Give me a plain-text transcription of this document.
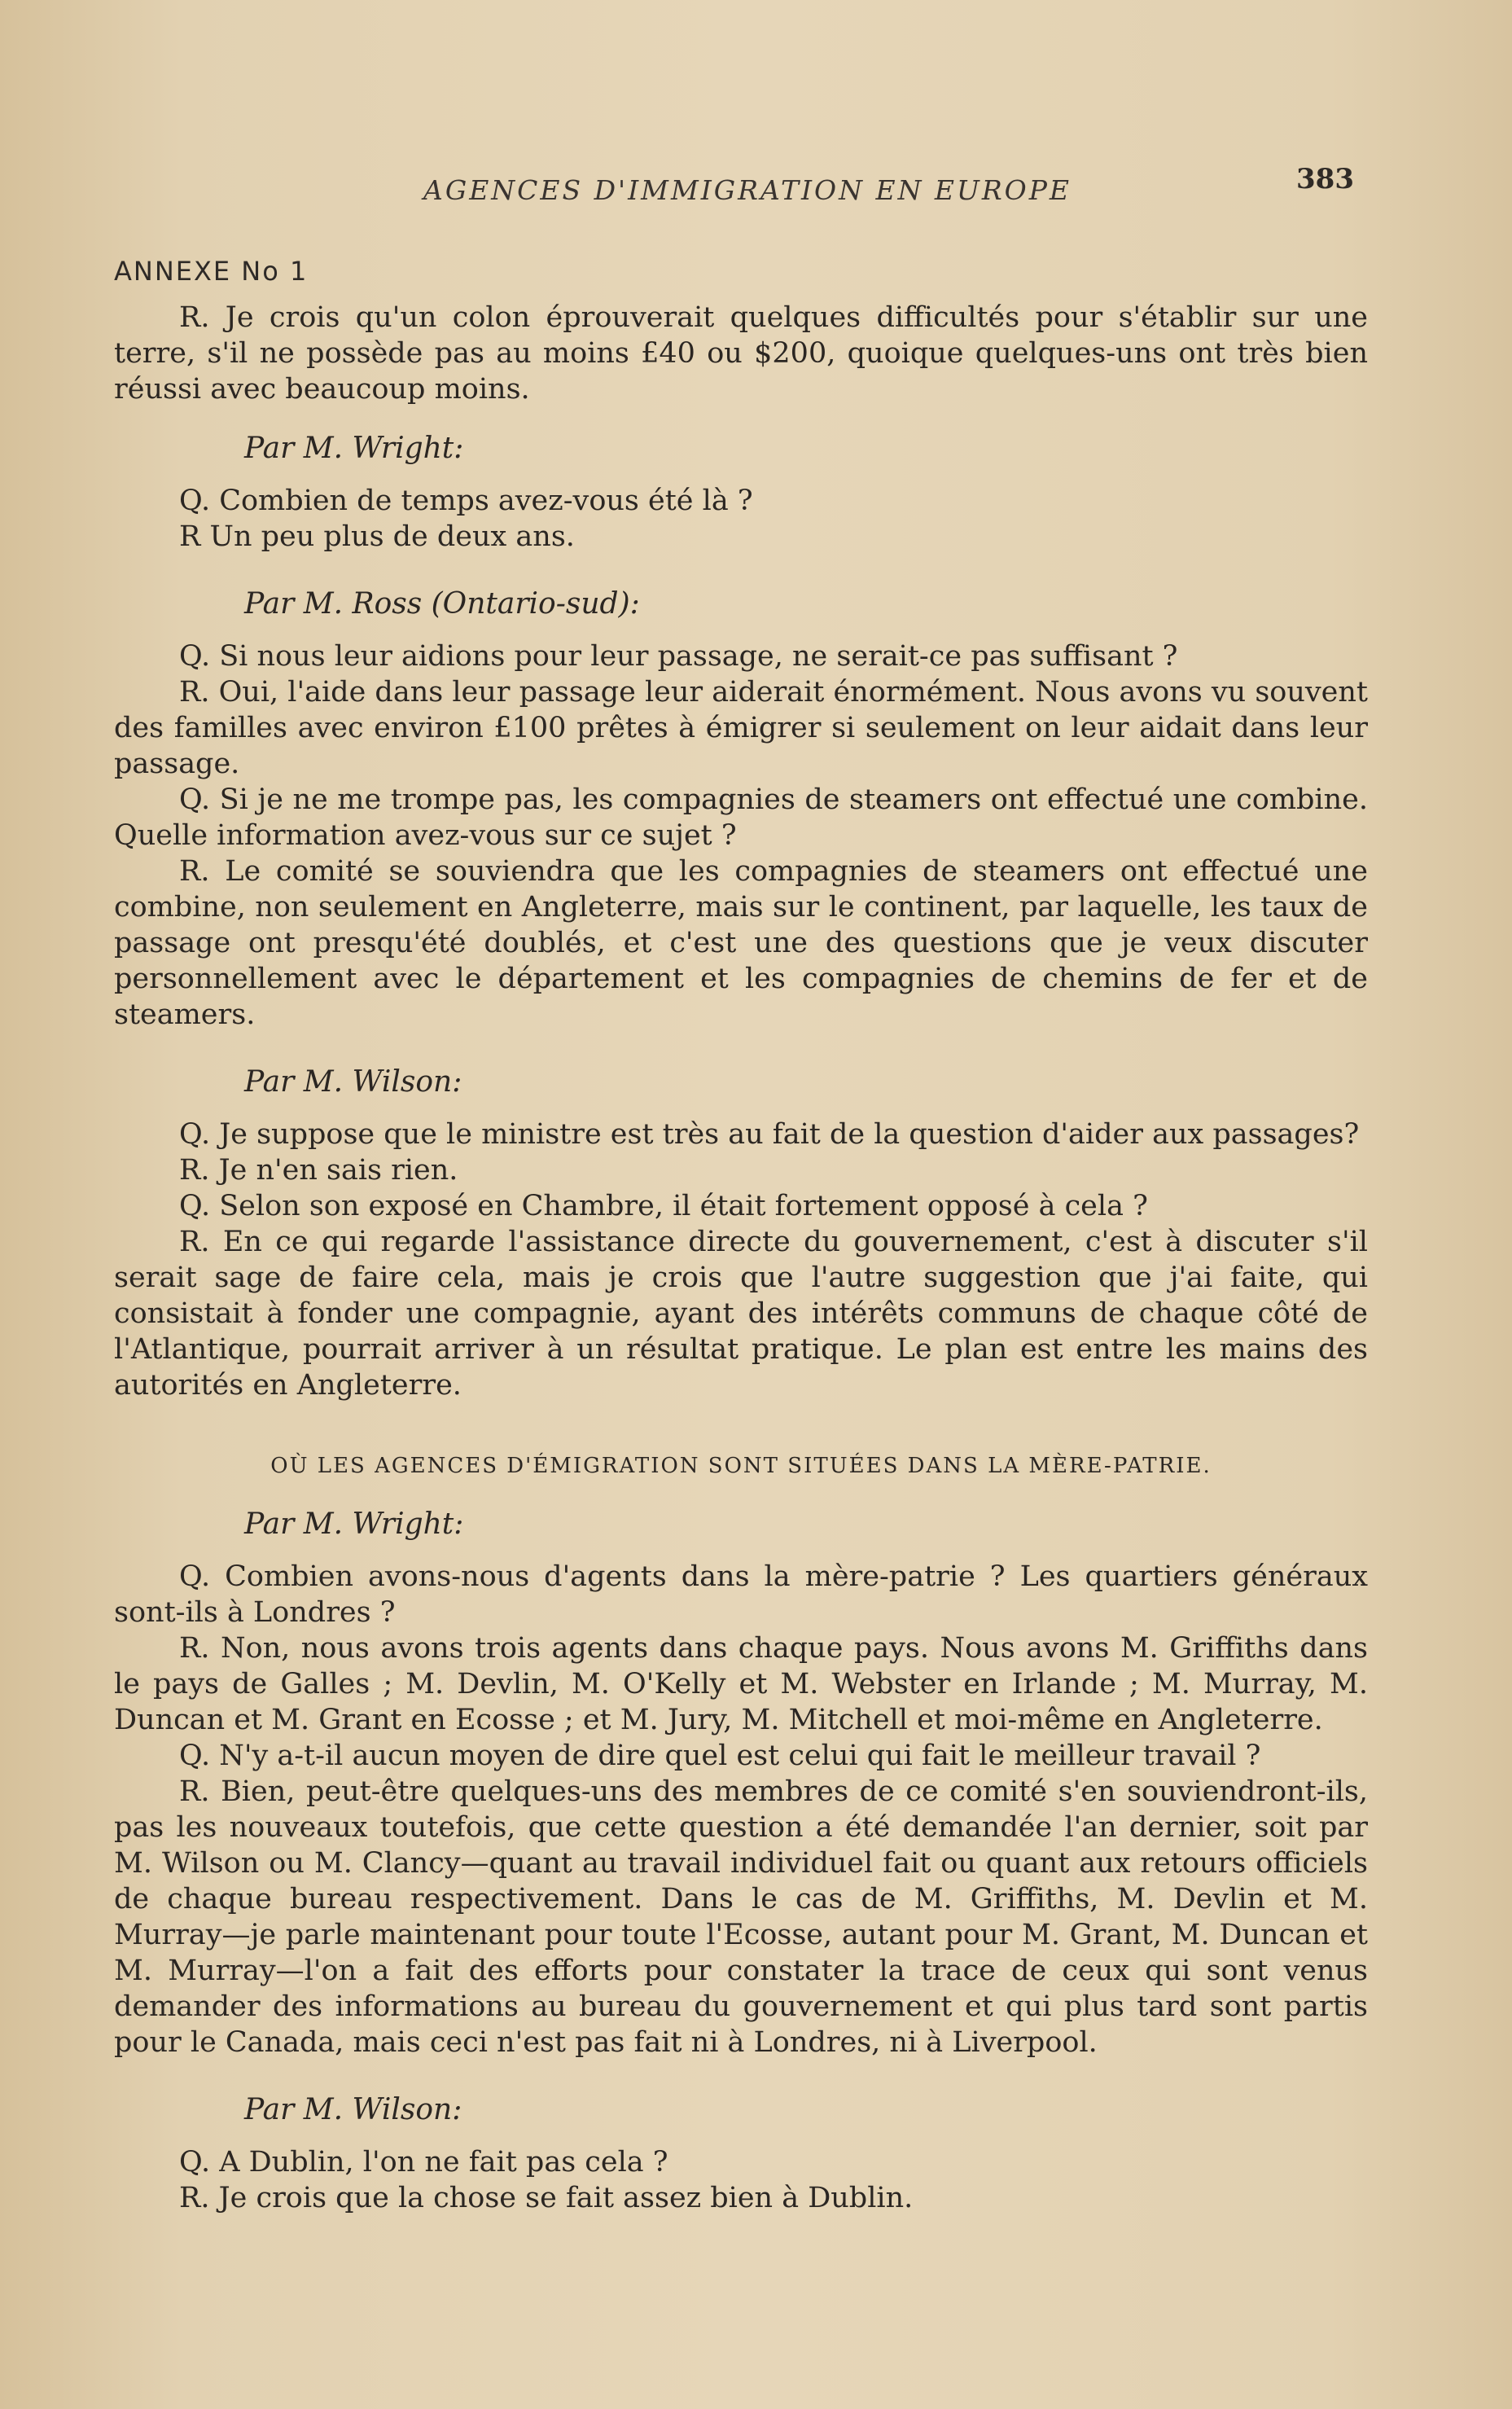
AGENCES D'IMMIGRATION EN EUROPE	383
ANNEXE No 1

R. Je crois qu'un colon éprouverait quelques difficultés pour s'établir sur une terre, s'il ne possède pas au moins £40 ou $200, quoique quelques-uns ont très bien réussi avec beaucoup moins.

Par M. Wright:

Q. Combien de temps avez-vous été là ?

R Un peu plus de deux ans.

Par M. Ross (Ontario-sud):

Q. Si nous leur aidions pour leur passage, ne serait-ce pas suffisant ?

R. Oui, l'aide dans leur passage leur aiderait énormément. Nous avons vu souvent des familles avec environ £100 prêtes à émigrer si seulement on leur aidait dans leur passage.

Q. Si je ne me trompe pas, les compagnies de steamers ont effectué une combine. Quelle information avez-vous sur ce sujet ?

R. Le comité se souviendra que les compagnies de steamers ont effectué une combine, non seulement en Angleterre, mais sur le continent, par laquelle, les taux de passage ont presqu'été doublés, et c'est une des questions que je veux discuter personnellement avec le département et les compagnies de chemins de fer et de steamers.

Par M. Wilson:

Q. Je suppose que le ministre est très au fait de la question d'aider aux passages?

R. Je n'en sais rien.

Q. Selon son exposé en Chambre, il était fortement opposé à cela ?

R. En ce qui regarde l'assistance directe du gouvernement, c'est à discuter s'il serait sage de faire cela, mais je crois que l'autre suggestion que j'ai faite, qui consistait à fonder une compagnie, ayant des intérêts communs de chaque côté de l'Atlantique, pourrait arriver à un résultat pratique. Le plan est entre les mains des autorités en Angleterre.

OÙ LES AGENCES D'ÉMIGRATION SONT SITUÉES DANS LA MÈRE-PATRIE.
Par M. Wright:

Q. Combien avons-nous d'agents dans la mère-patrie ? Les quartiers généraux sont-ils à Londres ?

R. Non, nous avons trois agents dans chaque pays. Nous avons M. Griffiths dans le pays de Galles ; M. Devlin, M. O'Kelly et M. Webster en Irlande ; M. Murray, M. Duncan et M. Grant en Ecosse ; et M. Jury, M. Mitchell et moi-même en Angleterre.

Q. N'y a-t-il aucun moyen de dire quel est celui qui fait le meilleur travail ?

R. Bien, peut-être quelques-uns des membres de ce comité s'en souviendront-ils, pas les nouveaux toutefois, que cette question a été demandée l'an dernier, soit par M. Wilson ou M. Clancy—quant au travail individuel fait ou quant aux retours officiels de chaque bureau respectivement. Dans le cas de M. Griffiths, M. Devlin et M. Murray—je parle maintenant pour toute l'Ecosse, autant pour M. Grant, M. Duncan et M. Murray—l'on a fait des efforts pour constater la trace de ceux qui sont venus demander des informations au bureau du gouvernement et qui plus tard sont partis pour le Canada, mais ceci n'est pas fait ni à Londres, ni à Liverpool.

Par M. Wilson:

Q. A Dublin, l'on ne fait pas cela ?

R. Je crois que la chose se fait assez bien à Dublin.
